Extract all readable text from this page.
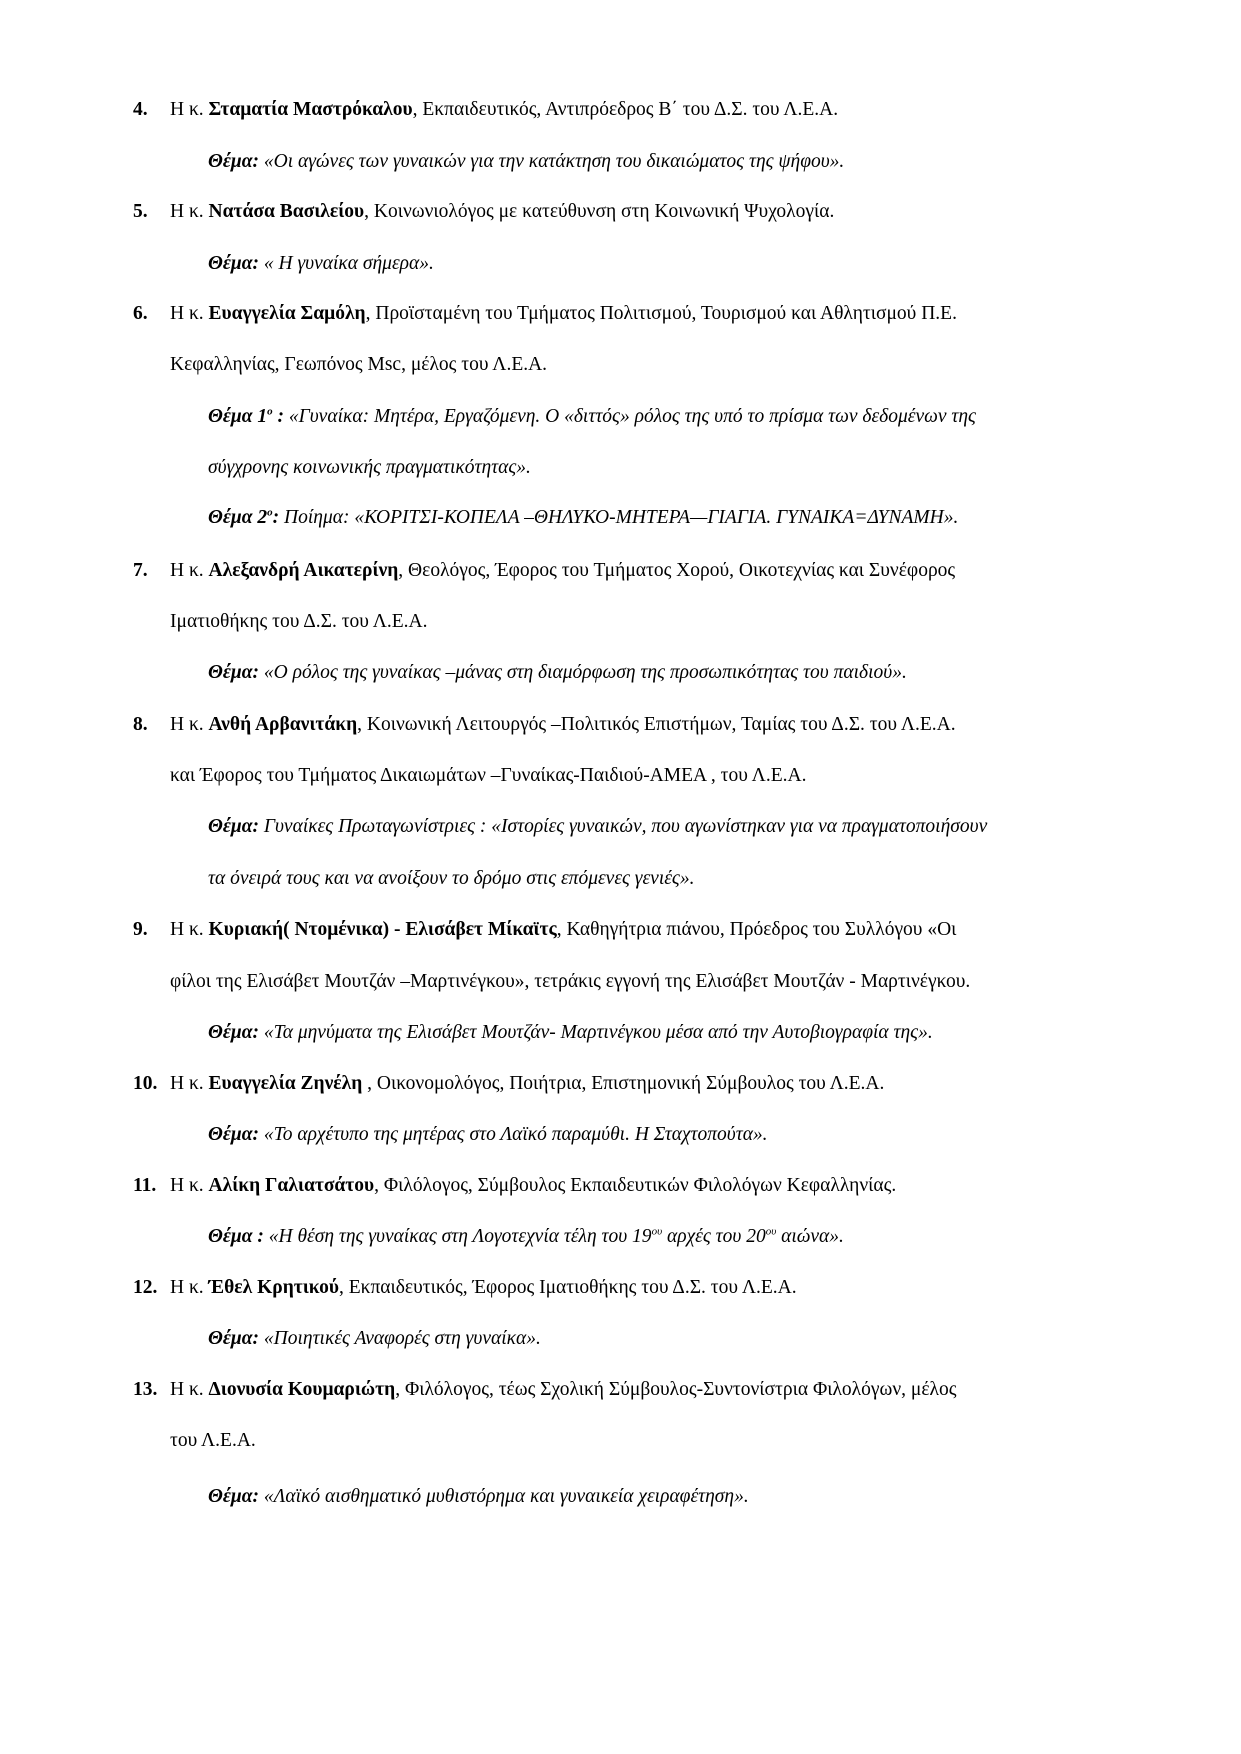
4. Η κ. Σταματία Μαστρόκαλου, Εκπαιδευτικός, Αντιπρόεδρος Β΄ του Δ.Σ. του Λ.Ε.Α.
Θέμα: «Οι αγώνες των γυναικών για την κατάκτηση του δικαιώματος της ψήφου».
5. Η κ. Νατάσα Βασιλείου, Κοινωνιολόγος με κατεύθυνση στη Κοινωνική Ψυχολογία.
Θέμα: « Η γυναίκα σήμερα».
6. Η κ. Ευαγγελία Σαμόλη, Προϊσταμένη του Τμήματος Πολιτισμού, Τουρισμού και Αθλητισμού Π.Ε.
Κεφαλληνίας, Γεωπόνος Msc, μέλος του Λ.Ε.Α.
Θέμα $1^o$ : «Γυναίκα: Μητέρα, Εργαζόμενη. Ο «διττός» ρόλος της υπό το πρίσμα των δεδομένων της
σύγχρονης κοινωνικής πραγματικότητας».
Θέμα $2^o$: Ποίημα: «ΚΟΡΙΤΣΙ-ΚΟΠΕΛΑ –ΘΗΛΥΚΟ-ΜΗΤΕΡΑ—ΓΙΑΓΙΑ. ΓΥΝΑΙΚΑ=ΔΥΝΑΜΗ».
7. Η κ. Αλεξανδρή Αικατερίνη, Θεολόγος, Έφορος του Τμήματος Χορού, Οικοτεχνίας και Συνέφορος
Ιματιοθήκης του Δ.Σ. του Λ.Ε.Α.
Θέμα: «Ο ρόλος της γυναίκας –μάνας στη διαμόρφωση της προσωπικότητας του παιδιού».
8. Η κ. Ανθή Αρβανιτάκη, Κοινωνική Λειτουργός –Πολιτικός Επιστήμων, Ταμίας του Δ.Σ. του Λ.Ε.Α.
και Έφορος του Τμήματος Δικαιωμάτων –Γυναίκας-Παιδιού-ΑΜΕΑ , του Λ.Ε.Α.
Θέμα: Γυναίκες Πρωταγωνίστριες : «Ιστορίες γυναικών, που αγωνίστηκαν για να πραγματοποιήσουν
τα όνειρά τους και να ανοίξουν το δρόμο στις επόμενες γενιές».
9. Η κ. Κυριακή( Ντομένικα) - Ελισάβετ Μίκαϊτς, Καθηγήτρια πιάνου, Πρόεδρος του Συλλόγου «Οι
φίλοι της Ελισάβετ Μουτζάν –Μαρτινέγκου», τετράκις εγγονή της Ελισάβετ Μουτζάν - Μαρτινέγκου.
Θέμα: «Τα μηνύματα της Ελισάβετ Μουτζάν- Μαρτινέγκου μέσα από την Αυτοβιογραφία της».
10. Η κ. Ευαγγελία Ζηνέλη , Οικονομολόγος, Ποιήτρια, Επιστημονική Σύμβουλος του Λ.Ε.Α.
Θέμα: «Το αρχέτυπο της μητέρας στο Λαϊκό παραμύθι. Η Σταχτοπούτα».
11. Η κ. Αλίκη Γαλιατσάτου, Φιλόλογος, Σύμβουλος Εκπαιδευτικών Φιλολόγων Κεφαλληνίας.
Θέμα : «Η θέση της γυναίκας στη Λογοτεχνία τέλη του $19^{o\upsilon}$ αρχές του $20^{o\upsilon}$ αιώνα».
12. Η κ. Έθελ Κρητικού, Εκπαιδευτικός, Έφορος Ιματιοθήκης του Δ.Σ. του Λ.Ε.Α.
Θέμα: «Ποιητικές Αναφορές στη γυναίκα».
13. Η κ. Διονυσία Κουμαριώτη, Φιλόλογος, τέως Σχολική Σύμβουλος-Συντονίστρια Φιλολόγων, μέλος
του Λ.Ε.Α.
Θέμα: «Λαϊκό αισθηματικό μυθιστόρημα και γυναικεία χειραφέτηση».
